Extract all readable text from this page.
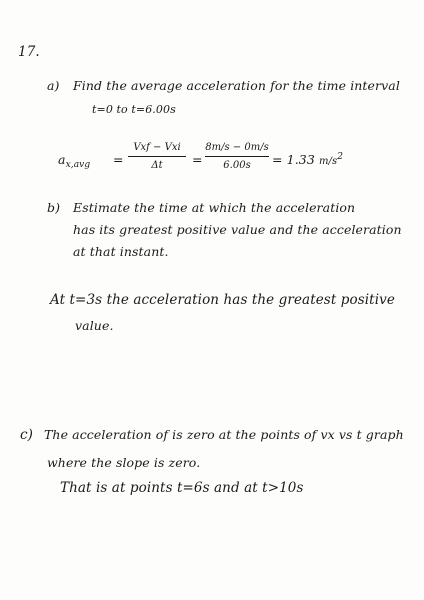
17.
a) Find the average acceleration for the time interval
t=0 to t=6.00s
$a_{x,avg}$ =
Vxf − Vxi
Δt	=
8m/s − 0m/s
6.00s	= 1.33 $m/s^2$
b) Estimate the time at which the acceleration
has its greatest positive value and the acceleration
at that instant.
At t=3s the acceleration has the greatest positive
value.
c) The acceleration of is zero at the points of vx vs t graph
where the slope is zero.
That is at points t=6s and at t>10s
